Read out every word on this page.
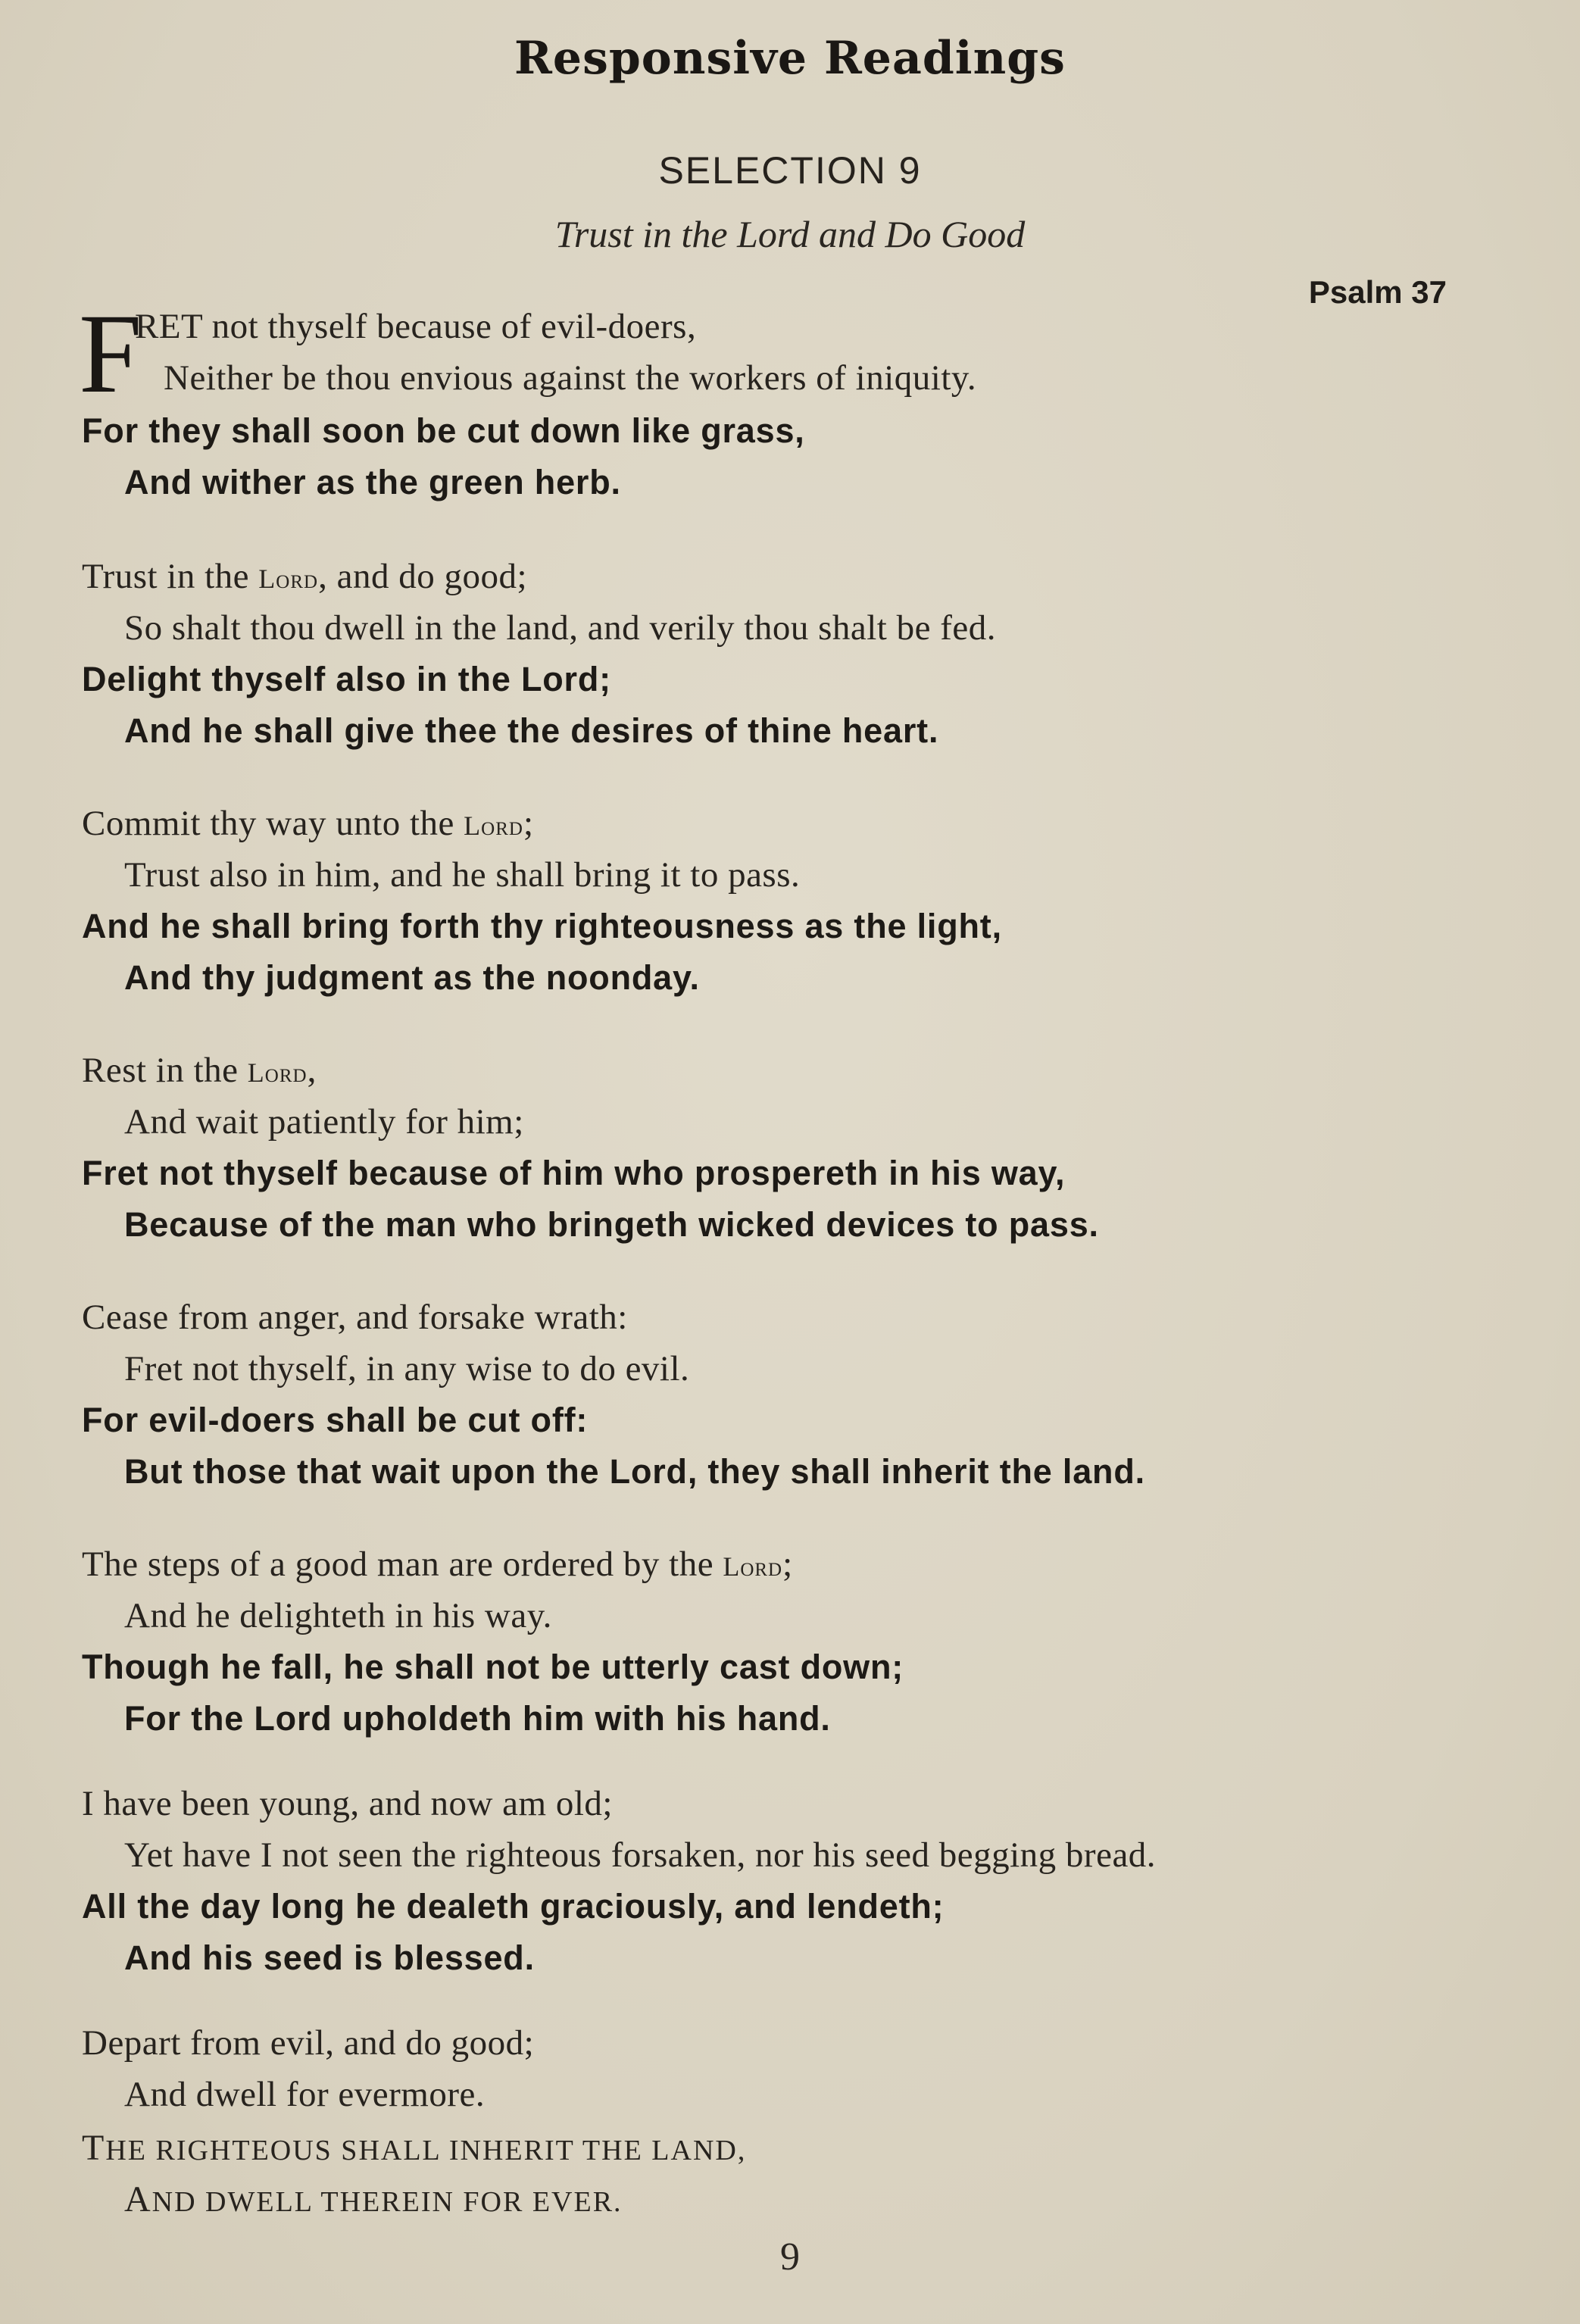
Responsive Readings
SELECTION 9
Trust in the Lord and Do Good
Psalm 37
F
RET not thyself because of evil-doers,
Neither be thou envious against the workers of iniquity.
For they shall soon be cut down like grass,
And wither as the green herb.
Trust in the Lord, and do good;
So shalt thou dwell in the land, and verily thou shalt be fed.
Delight thyself also in the Lord;
And he shall give thee the desires of thine heart.
Commit thy way unto the Lord;
Trust also in him, and he shall bring it to pass.
And he shall bring forth thy righteousness as the light,
And thy judgment as the noonday.
Rest in the Lord,
And wait patiently for him;
Fret not thyself because of him who prospereth in his way,
Because of the man who bringeth wicked devices to pass.
Cease from anger, and forsake wrath:
Fret not thyself, in any wise to do evil.
For evil-doers shall be cut off:
But those that wait upon the Lord, they shall inherit the land.
The steps of a good man are ordered by the Lord;
And he delighteth in his way.
Though he fall, he shall not be utterly cast down;
For the Lord upholdeth him with his hand.
I have been young, and now am old;
Yet have I not seen the righteous forsaken, nor his seed begging bread.
All the day long he dealeth graciously, and lendeth;
And his seed is blessed.
Depart from evil, and do good;
And dwell for evermore.
THE RIGHTEOUS SHALL INHERIT THE LAND,
AND DWELL THEREIN FOR EVER.
9
